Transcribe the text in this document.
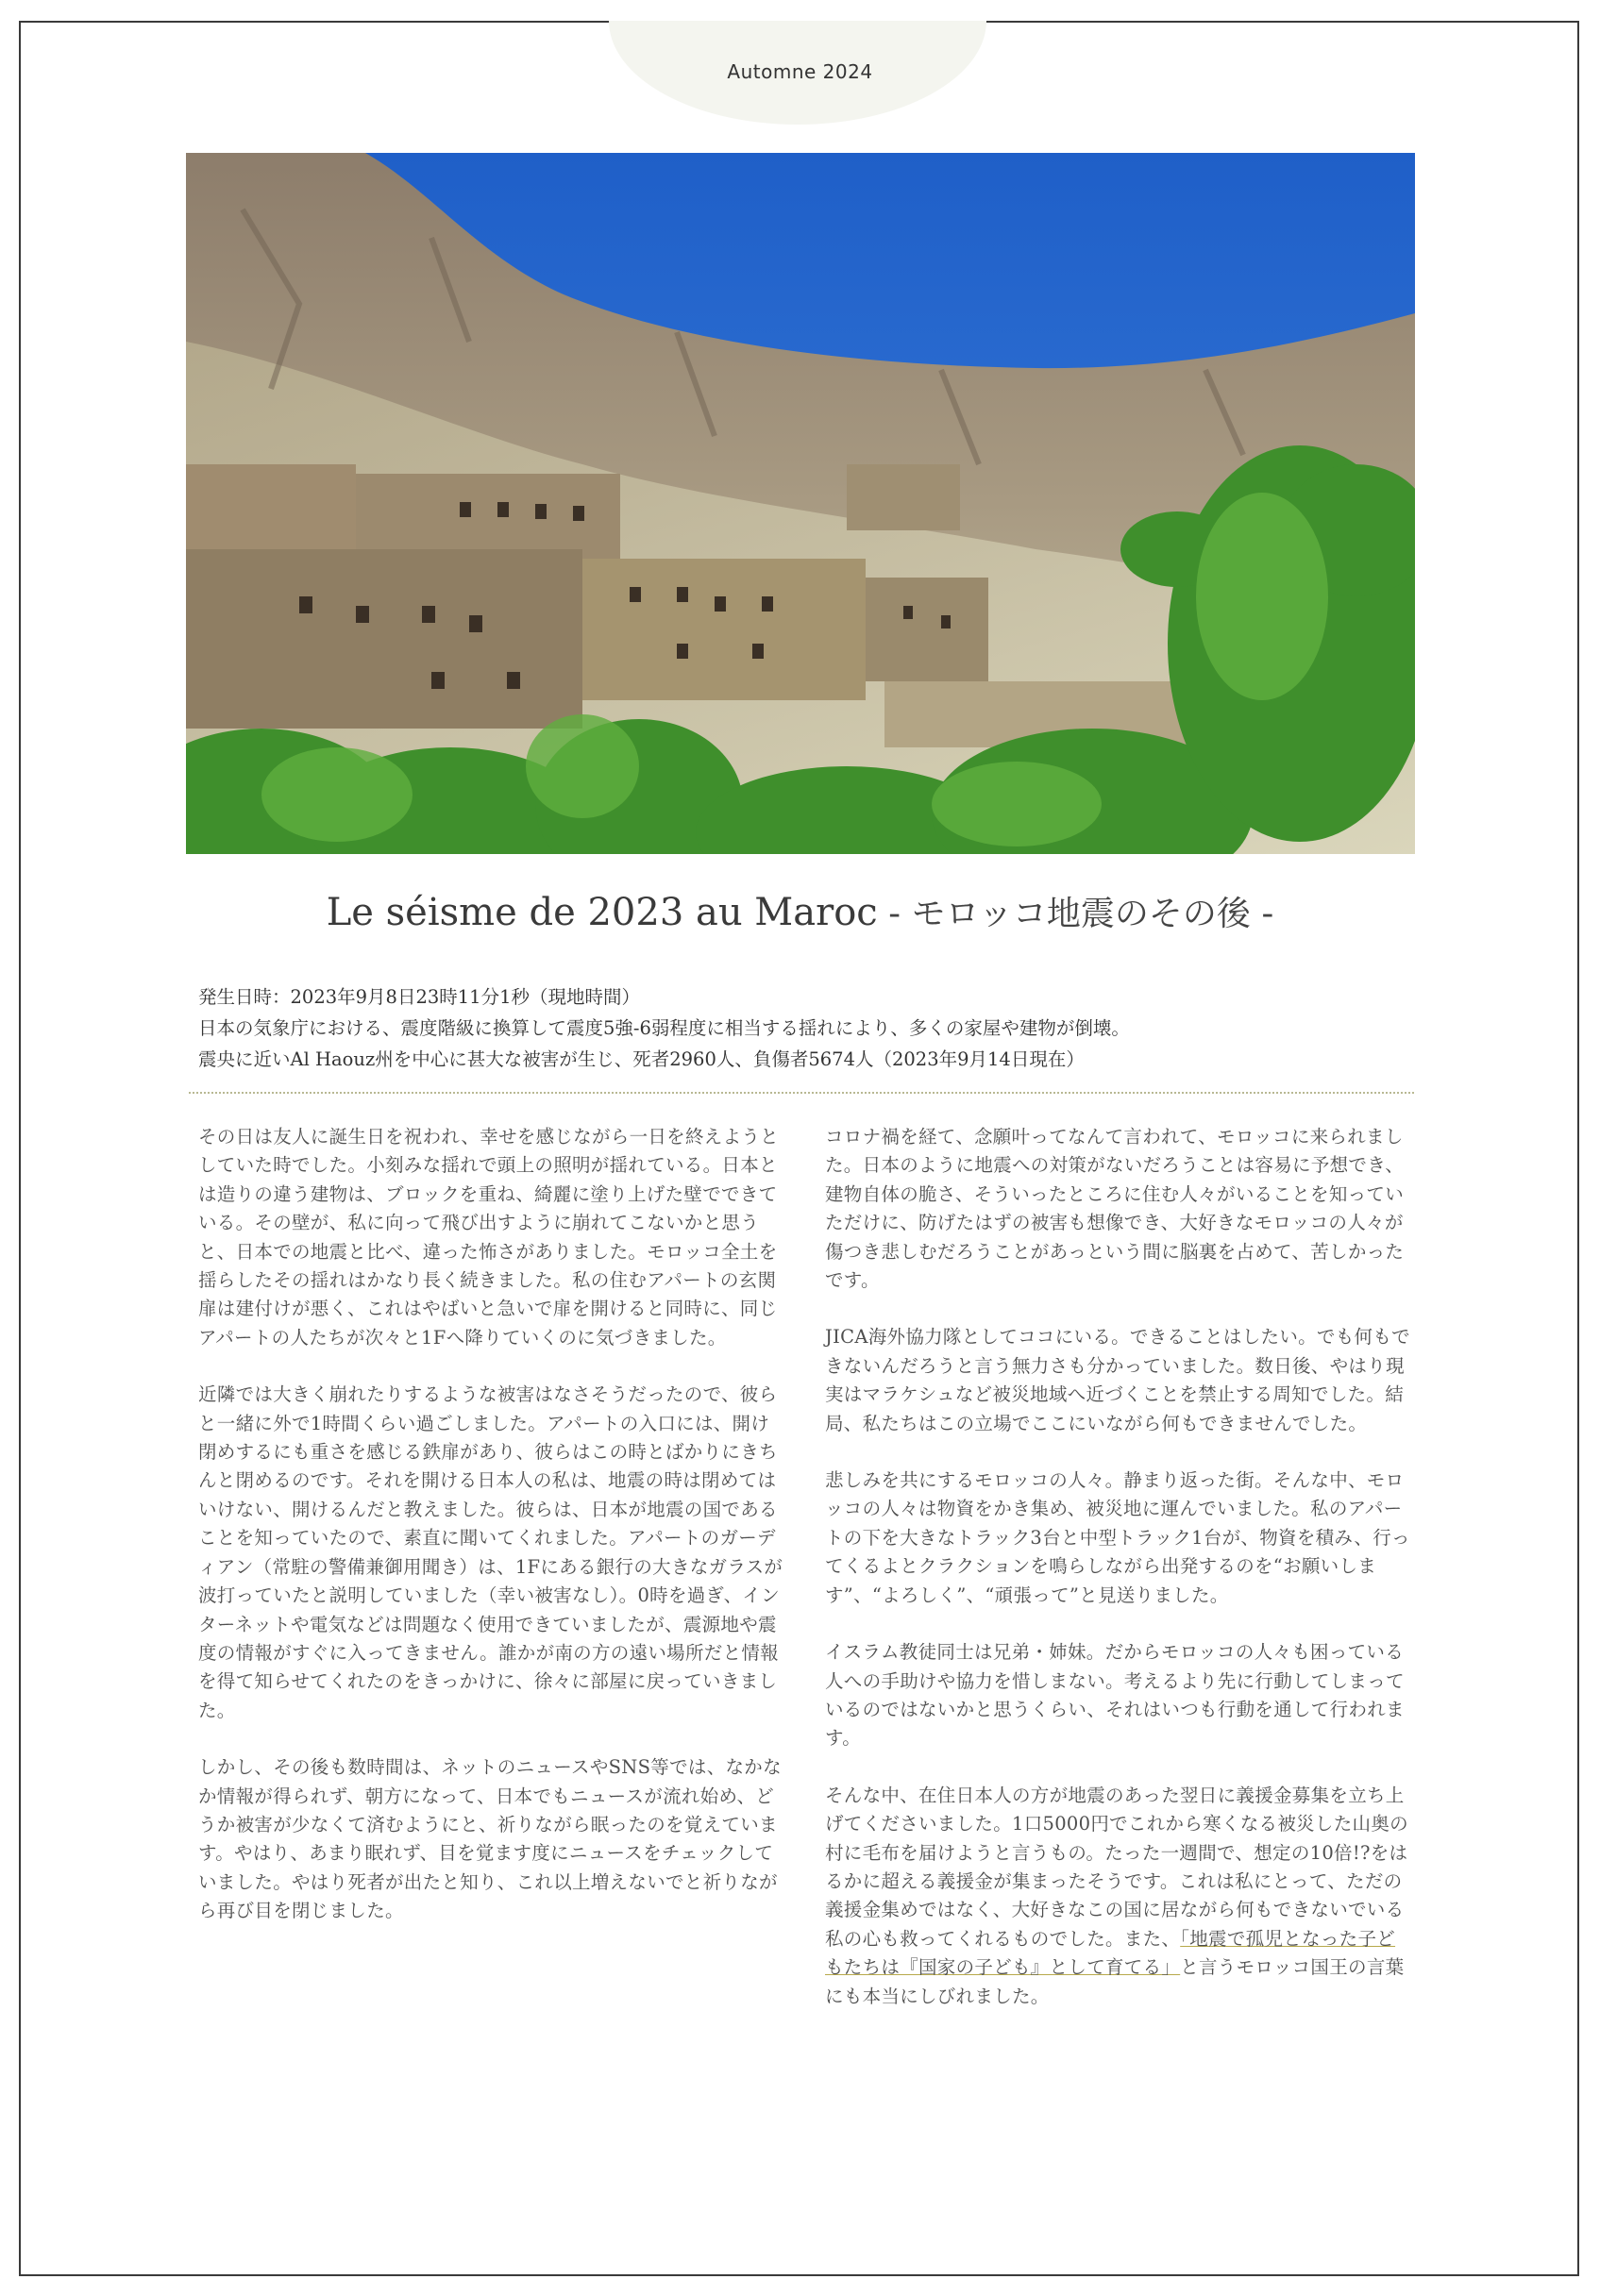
Automne 2024
Le séisme de 2023 au Maroc - モロッコ地震のその後 -
発生日時：2023年9月8日23時11分1秒（現地時間）
日本の気象庁における、震度階級に換算して震度5強-6弱程度に相当する揺れにより、多くの家屋や建物が倒壊。
震央に近いAl Haouz州を中心に甚大な被害が生じ、死者2960人、負傷者5674人（2023年9月14日現在）

その日は友人に誕生日を祝われ、幸せを感じながら一日を終えようとしていた時でした。小刻みな揺れで頭上の照明が揺れている。日本とは造りの違う建物は、ブロックを重ね、綺麗に塗り上げた壁でできている。その壁が、私に向って飛び出すように崩れてこないかと思うと、日本での地震と比べ、違った怖さがありました。モロッコ全土を揺らしたその揺れはかなり長く続きました。私の住むアパートの玄関扉は建付けが悪く、これはやばいと急いで扉を開けると同時に、同じアパートの人たちが次々と1Fへ降りていくのに気づきました。

近隣では大きく崩れたりするような被害はなさそうだったので、彼らと一緒に外で1時間くらい過ごしました。アパートの入口には、開け閉めするにも重さを感じる鉄扉があり、彼らはこの時とばかりにきちんと閉めるのです。それを開ける日本人の私は、地震の時は閉めてはいけない、開けるんだと教えました。彼らは、日本が地震の国であることを知っていたので、素直に聞いてくれました。アパートのガーディアン（常駐の警備兼御用聞き）は、1Fにある銀行の大きなガラスが波打っていたと説明していました（幸い被害なし）。0時を過ぎ、インターネットや電気などは問題なく使用できていましたが、震源地や震度の情報がすぐに入ってきません。誰かが南の方の遠い場所だと情報を得て知らせてくれたのをきっかけに、徐々に部屋に戻っていきました。

しかし、その後も数時間は、ネットのニュースやSNS等では、なかなか情報が得られず、朝方になって、日本でもニュースが流れ始め、どうか被害が少なくて済むようにと、祈りながら眠ったのを覚えています。やはり、あまり眠れず、目を覚ます度にニュースをチェックしていました。やはり死者が出たと知り、これ以上増えないでと祈りながら再び目を閉じました。

コロナ禍を経て、念願叶ってなんて言われて、モロッコに来られました。日本のように地震への対策がないだろうことは容易に予想でき、建物自体の脆さ、そういったところに住む人々がいることを知っていただけに、防げたはずの被害も想像でき、大好きなモロッコの人々が傷つき悲しむだろうことがあっという間に脳裏を占めて、苦しかったです。

JICA海外協力隊としてココにいる。できることはしたい。でも何もできないんだろうと言う無力さも分かっていました。数日後、やはり現実はマラケシュなど被災地域へ近づくことを禁止する周知でした。結局、私たちはこの立場でここにいながら何もできませんでした。

悲しみを共にするモロッコの人々。静まり返った街。そんな中、モロッコの人々は物資をかき集め、被災地に運んでいました。私のアパートの下を大きなトラック3台と中型トラック1台が、物資を積み、行ってくるよとクラクションを鳴らしながら出発するのを“お願いします”、“よろしく”、“頑張って”と見送りました。

イスラム教徒同士は兄弟・姉妹。だからモロッコの人々も困っている人への手助けや協力を惜しまない。考えるより先に行動してしまっているのではないかと思うくらい、それはいつも行動を通して行われます。

そんな中、在住日本人の方が地震のあった翌日に義援金募集を立ち上げてくださいました。1口5000円でこれから寒くなる被災した山奥の村に毛布を届けようと言うもの。たった一週間で、想定の10倍!?をはるかに超える義援金が集まったそうです。これは私にとって、ただの義援金集めではなく、大好きなこの国に居ながら何もできないでいる私の心も救ってくれるものでした。また、「地震で孤児となった子どもたちは『国家の子ども』として育てる」と言うモロッコ国王の言葉にも本当にしびれました。
